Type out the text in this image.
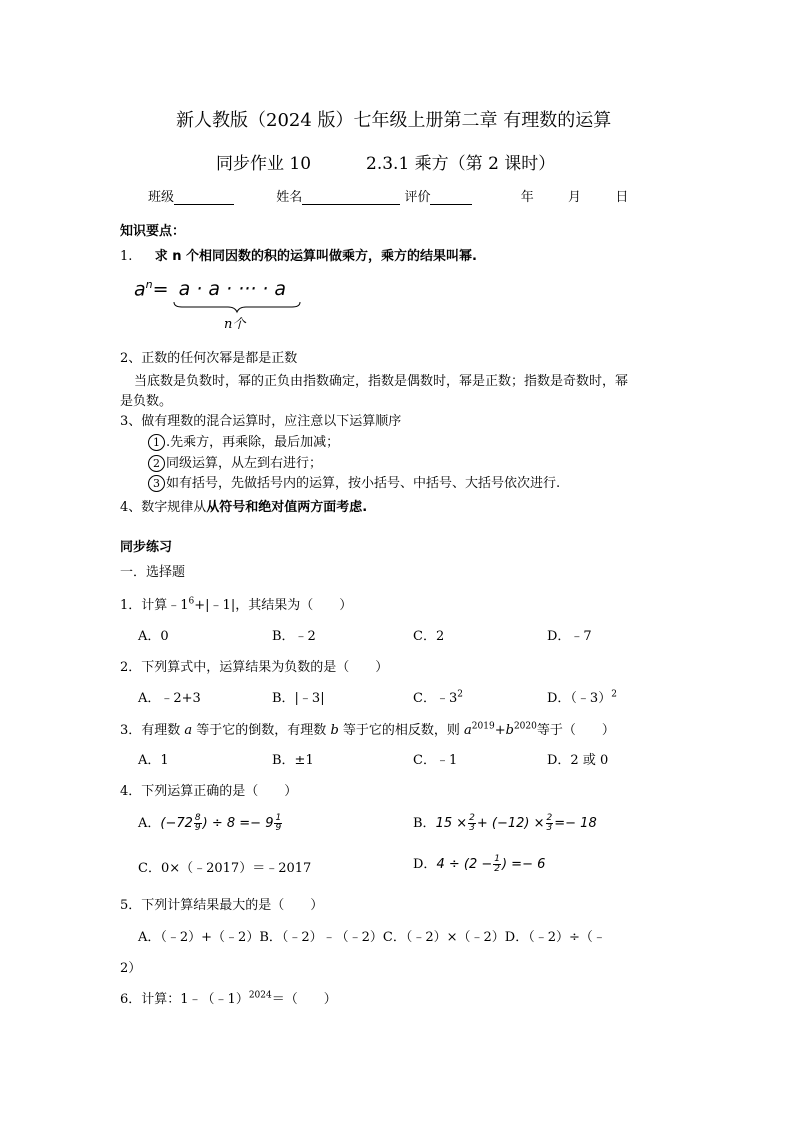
新人教版（2024 版）七年级上册第二章 有理数的运算
同步作业 10	2.3.1 乘方（第 2 课时）
班级	姓名	评价	年	月	日
知识要点：
1. 求 n 个相同因数的积的运算叫做乘方，乘方的结果叫幂.
$a^n= a \cdot a$ · ··· · a
n个
2、正数的任何次幂是都是正数
当底数是负数时，幂的正负由指数确定，指数是偶数时，幂是正数；指数是奇数时，幂
是负数。
3、做有理数的混合运算时，应注意以下运算顺序
1 .先乘方，再乘除，最后加减；
2 同级运算，从左到右进行；
3 如有括号，先做括号内的运算，按小括号、中括号、大括号依次进行.
4、数字规律从从符号和绝对值两方面考虑.
同步练习
一．选择题
1．计算$﹣1^6+|﹣1|$，其结果为（　　）
A．0	B．﹣2	C．2	D．﹣7
2．下列算式中，运算结果为负数的是（　　）
A．﹣2+3	B．|﹣3|	C．$﹣3^2$	D．（﹣3）$^2$
3．有理数 a 等于它的倒数，有理数 b 等于它的相反数，则 $a^{2019}+b^{2020}$等于（　　）
A．1	B．±1	C．﹣1	D．2 或 0
4．下列运算正确的是（　　）
A．($-72 \frac{8}{9}$ ) ÷ $8 =- 9 \frac{1}{9}$	B．$15 \times \frac{2}{3} + (-12) \times \frac{2}{3} =- 18$
C．0×（﹣2017）＝﹣2017	D．$4 \div (2 - \frac{1}{2}$ ) =− 6
5．下列计算结果最大的是（　　）
A．（﹣2）+（﹣2）B．（﹣2）﹣（﹣2）C．（﹣2）×（﹣2）D．（﹣2）÷（﹣
2）
6．计算：1﹣（﹣1）$^{2024}$＝（　　）
